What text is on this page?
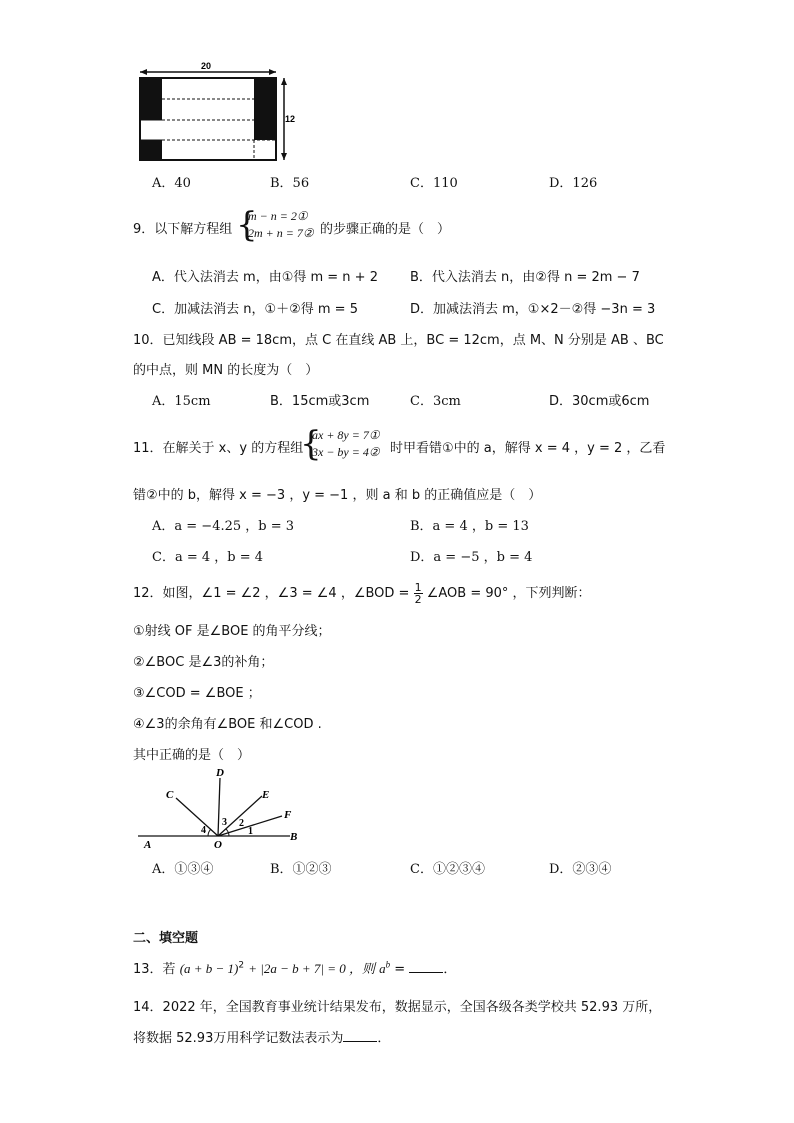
20
12
A．40	B．56	C．110	D．126
9．以下解方程组 {
m − n = 2①
2m + n = 7② 的步骤正确的是（　）
A．代入法消去 m，由①得 m = n + 2 B．代入法消去 n，由②得 n = 2m − 7
C．加减法消去 n，①＋②得 m = 5	D．加减法消去 m，①×2－②得 −3n = 3
10．已知线段 AB = 18cm，点 C 在直线 AB 上，BC = 12cm，点 M、N 分别是 AB 、BC
的中点，则 MN 的长度为（　）
A．15cm	B．15cm或3cm	C．3cm	D．30cm或6cm
11．在解关于 x、y 的方程组
{
ax + 8y = 7①
3x − by = 4② 时甲看错①中的 a，解得 x = 4 ，y = 2 ，乙看
错②中的 b，解得 x = −3 ，y = −1 ，则 a 和 b 的正确值应是（　）
A．a = −4.25 ，b = 3	B．a = 4 ，b = 13
C．a = 4 ，b = 4	D．a = −5 ，b = 4
12．如图，∠1 = ∠2 ，∠3 = ∠4 ，∠BOD = $\frac{1}{2}$ ∠AOB = 90° ，下列判断：
①射线 OF 是∠BOE 的角平分线；
②∠BOC 是∠3的补角；
③∠COD = ∠BOE ；
④∠3的余角有∠BOE 和∠COD .
其中正确的是（　）
D
C	E
F
A
B
O
1
2
3
4
A．①③④	B．①②③	C．①②③④	D．②③④
二、填空题
13．若 $(a + b - 1)^2 + |2a - b + 7| = 0$ ，则 $a^b$ =	．
14．2022 年，全国教育事业统计结果发布，数据显示，全国各级各类学校共 52.93 万所，
将数据 52.93万用科学记数法表示为	．
